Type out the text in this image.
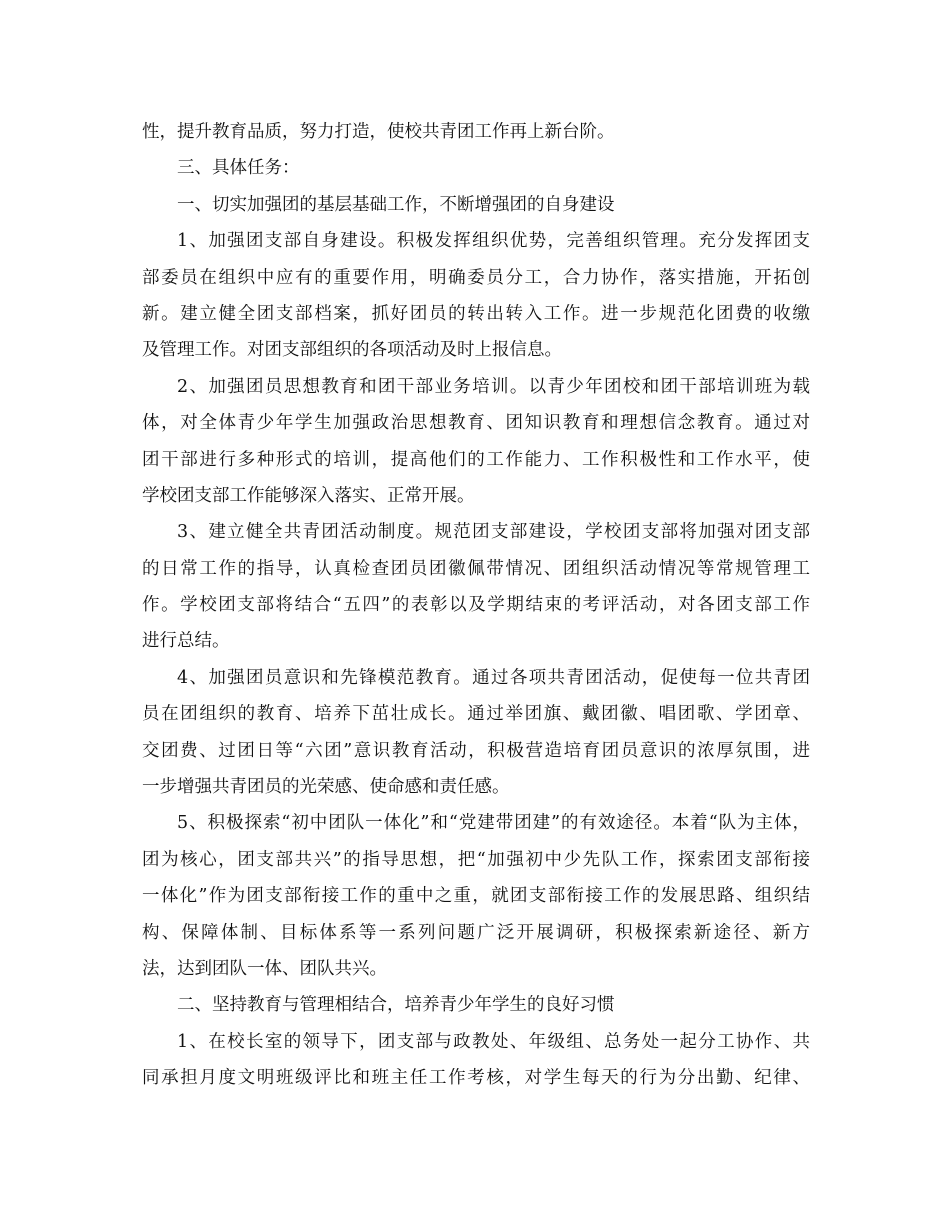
性，提升教育品质，努力打造，使校共青团工作再上新台阶。
三、具体任务：
一、切实加强团的基层基础工作，不断增强团的自身建设
1、加强团支部自身建设。积极发挥组织优势，完善组织管理。充分发挥团支
部委员在组织中应有的重要作用，明确委员分工，合力协作，落实措施，开拓创
新。建立健全团支部档案，抓好团员的转出转入工作。进一步规范化团费的收缴
及管理工作。对团支部组织的各项活动及时上报信息。
2、加强团员思想教育和团干部业务培训。以青少年团校和团干部培训班为载
体，对全体青少年学生加强政治思想教育、团知识教育和理想信念教育。通过对
团干部进行多种形式的培训，提高他们的工作能力、工作积极性和工作水平，使
学校团支部工作能够深入落实、正常开展。
3、建立健全共青团活动制度。规范团支部建设，学校团支部将加强对团支部
的日常工作的指导，认真检查团员团徽佩带情况、团组织活动情况等常规管理工
作。学校团支部将结合“五四”的表彰以及学期结束的考评活动，对各团支部工作
进行总结。
4、加强团员意识和先锋模范教育。通过各项共青团活动，促使每一位共青团
员在团组织的教育、培养下茁壮成长。通过举团旗、戴团徽、唱团歌、学团章、
交团费、过团日等“六团”意识教育活动，积极营造培育团员意识的浓厚氛围，进
一步增强共青团员的光荣感、使命感和责任感。
5、积极探索“初中团队一体化”和“党建带团建”的有效途径。本着“队为主体，
团为核心，团支部共兴”的指导思想，把“加强初中少先队工作，探索团支部衔接
一体化”作为团支部衔接工作的重中之重，就团支部衔接工作的发展思路、组织结
构、保障体制、目标体系等一系列问题广泛开展调研，积极探索新途径、新方
法，达到团队一体、团队共兴。
二、坚持教育与管理相结合，培养青少年学生的良好习惯
1、在校长室的领导下，团支部与政教处、年级组、总务处一起分工协作、共
同承担月度文明班级评比和班主任工作考核，对学生每天的行为分出勤、纪律、
